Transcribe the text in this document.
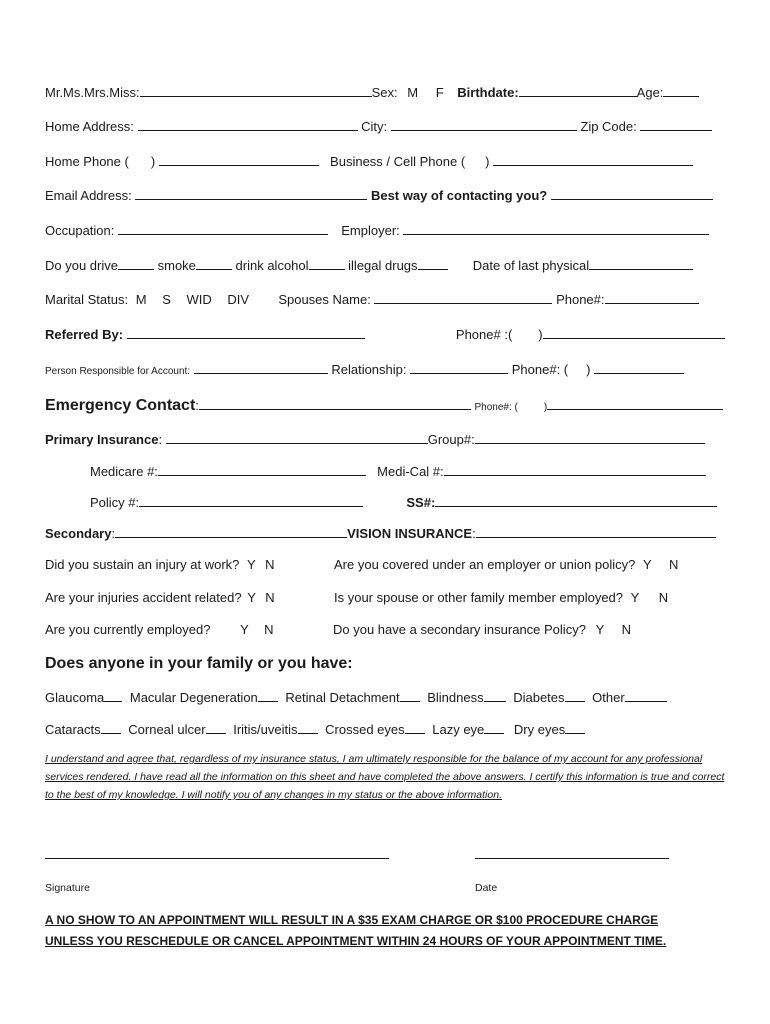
Mr.Ms.Mrs.Miss:	Sex: M F Birthdate:	Age:
Home Address:	City:	Zip Code:
Home Phone ( )	Business / Cell Phone ( )
Email Address:	Best way of contacting you?
Occupation:	Employer:
Do you drive	smoke	drink alcohol	illegal drugs	Date of last physical
Marital Status: M S WID DIV Spouses Name:	Phone#:
Referred By:	Phone# :( )
Person Responsible for Account:	Relationship:	Phone#: ( )
Emergency Contact:	Phone#: (	)
Primary Insurance:	Group#:
Medicare #:	Medi-Cal #:
Policy #:	SS#:
Secondary:	VISION INSURANCE:
Did you sustain an injury at work? Y N	Are you covered under an employer or union policy? Y N
Are your injuries accident related? Y N	Is your spouse or other family member employed? Y N
Are you currently employed? Y N	Do you have a secondary insurance Policy? Y N
Does anyone in your family or you have:
Glaucoma Macular Degeneration Retinal Detachment Blindness Diabetes Other
Cataracts Corneal ulcer Iritis/uveitis Crossed eyes Lazy eye Dry eyes

I understand and agree that, regardless of my insurance status, I am ultimately responsible for the balance of my account for any professional services rendered. I have read all the information on this sheet and have completed the above answers. I certify this information is true and correct to the best of my knowledge. I will notify you of any changes in my status or the above information.

Signature	Date
A NO SHOW TO AN APPOINTMENT WILL RESULT IN A $35 EXAM CHARGE OR $100 PROCEDURE CHARGE
UNLESS YOU RESCHEDULE OR CANCEL APPOINTMENT WITHIN 24 HOURS OF YOUR APPOINTMENT TIME.
